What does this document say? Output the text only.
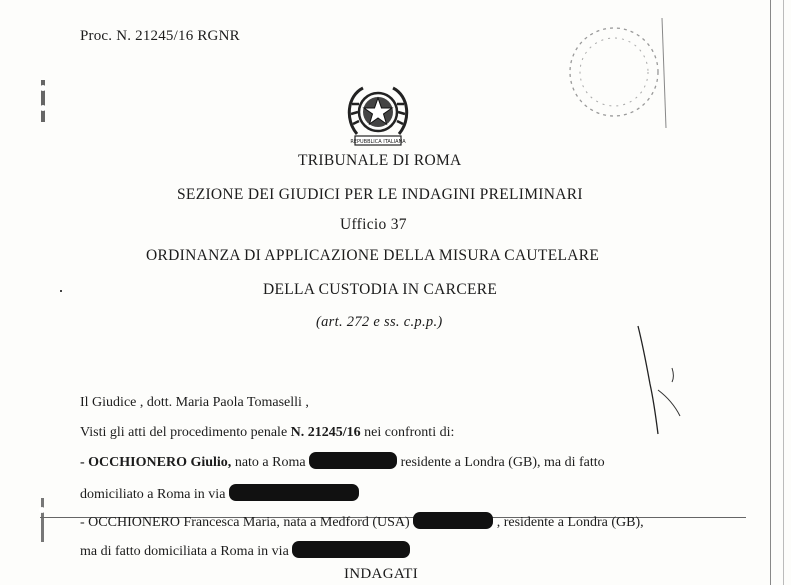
Proc. N. 21245/16 RGNR
REPUBBLICA ITALIANA
TRIBUNALE DI ROMA
SEZIONE DEI GIUDICI PER LE INDAGINI PRELIMINARI
Ufficio 37
ORDINANZA DI APPLICAZIONE DELLA MISURA CAUTELARE
DELLA CUSTODIA IN CARCERE
(art. 272 e ss. c.p.p.)
Il Giudice , dott. Maria Paola Tomaselli ,
Visti gli atti del procedimento penale N. 21245/16 nei confronti di:
- OCCHIONERO Giulio, nato a Roma	residente a Londra (GB), ma di fatto
domiciliato a Roma in via
- OCCHIONERO Francesca Maria, nata a Medford (USA)	, residente a Londra (GB),
ma di fatto domiciliata a Roma in via
INDAGATI
